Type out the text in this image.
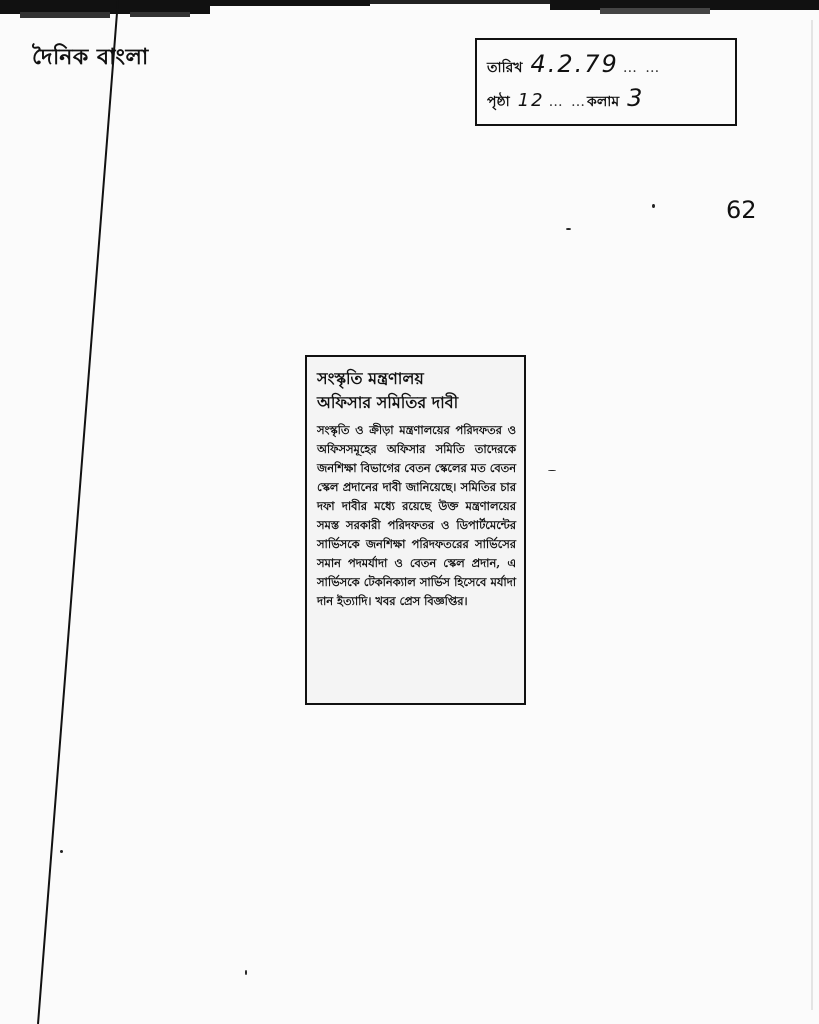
দৈনিক বাংলা	তারিখ 4.2.79 … …
পৃষ্ঠা 12 … … কলাম 3
62
সংস্কৃতি মন্ত্রণালয়
অফিসার সমিতির দাবী
সংস্কৃতি ও ক্রীড়া মন্ত্রণালয়ের পরিদফতর ও অফিসসমূহের অফিসার সমিতি তাদেরকে জনশিক্ষা বিভাগের বেতন স্কেলের মত বেতন স্কেল প্রদানের দাবী জানিয়েছে। সমিতির চার দফা দাবীর মধ্যে রয়েছে উক্ত মন্ত্রণালয়ের সমস্ত সরকারী পরিদফতর ও ডিপার্টমেন্টের সার্ভিসকে জনশিক্ষা পরিদফতরের সার্ভিসের সমান পদমর্যাদা ও বেতন স্কেল প্রদান, এ সার্ভিসকে টেকনিক্যাল সার্ভিস হিসেবে মর্যাদা দান ইত্যাদি। খবর প্রেস বিজ্ঞপ্তির।
